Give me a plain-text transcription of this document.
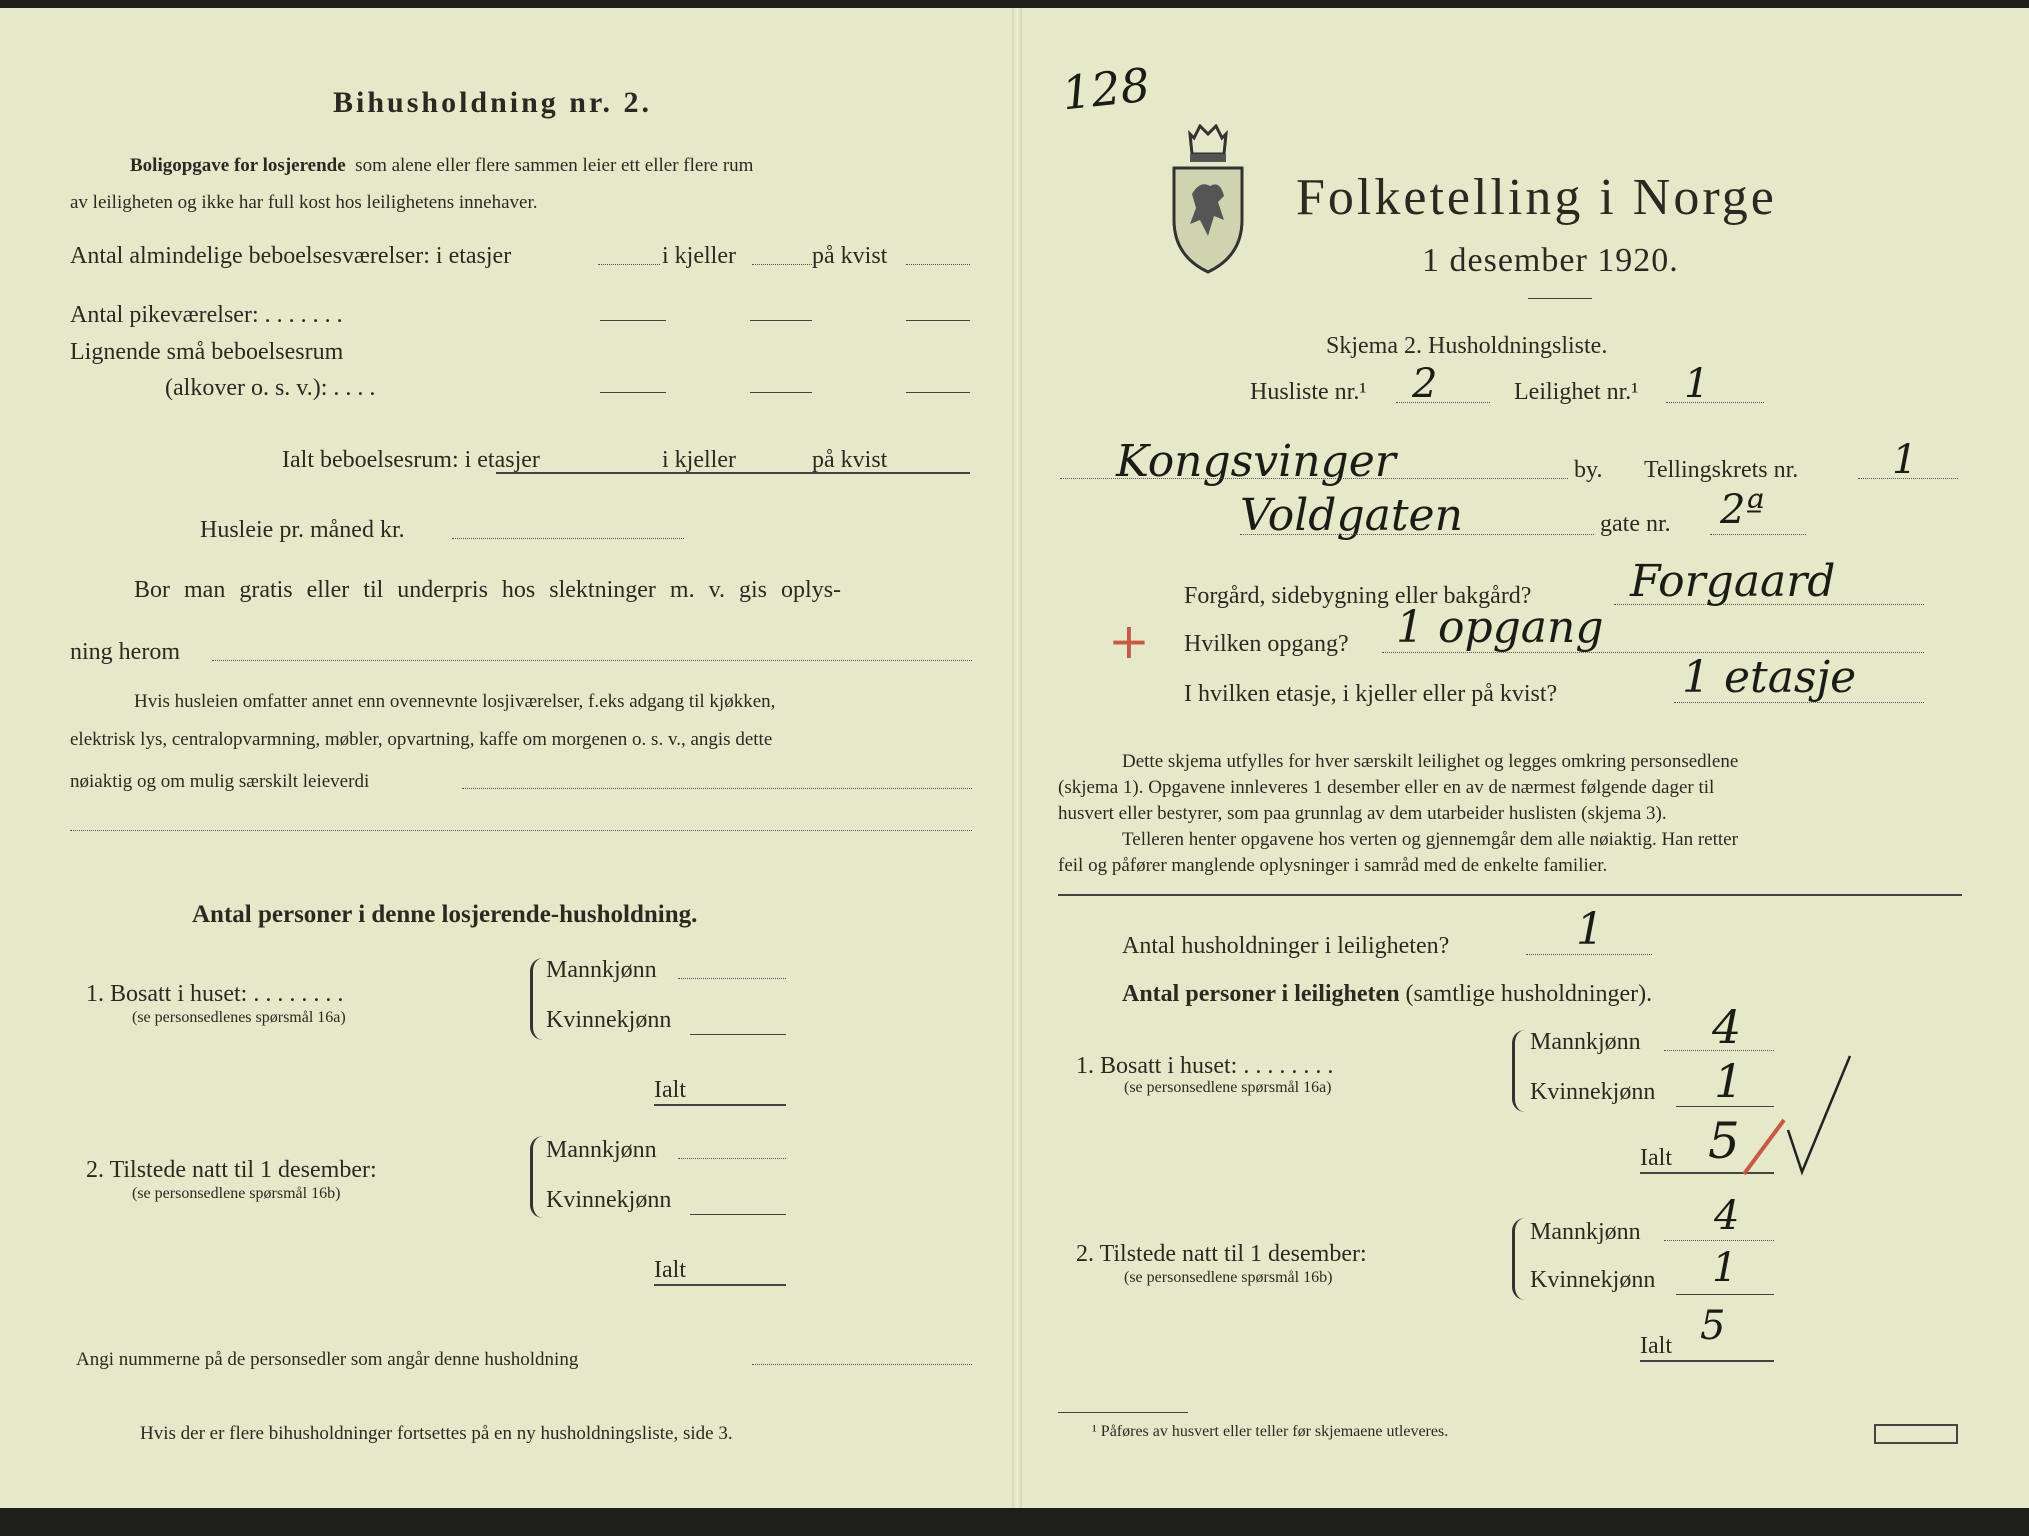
Bihusholdning nr. 2.
Boligopgave for losjerende som alene eller flere sammen leier ett eller flere rum
av leiligheten og ikke har full kost hos leilighetens innehaver.
Antal almindelige beboelsesværelser: i etasjer	i kjeller	på kvist
Antal pikeværelser: . . . . . . .
Lignende små beboelsesrum
(alkover o. s. v.): . . . .
Ialt beboelsesrum: i etasjer	i kjeller	på kvist
Husleie pr. måned kr.
Bor man gratis eller til underpris hos slektninger m. v. gis oplys-
ning herom
Hvis husleien omfatter annet enn ovennevnte losjiværelser, f.eks adgang til kjøkken,
elektrisk lys, centralopvarmning, møbler, opvartning, kaffe om morgenen o. s. v., angis dette
nøiaktig og om mulig særskilt leieverdi
Antal personer i denne losjerende-husholdning.
1. Bosatt i huset: . . . . . . . .
(se personsedlenes spørsmål 16a)
Mannkjønn
Kvinnekjønn
Ialt
2. Tilstede natt til 1 desember:
(se personsedlene spørsmål 16b)
Mannkjønn
Kvinnekjønn
Ialt
Angi nummerne på de personsedler som angår denne husholdning
Hvis der er flere bihusholdninger fortsettes på en ny husholdningsliste, side 3.
128
Folketelling i Norge
1 desember 1920.
Skjema 2. Husholdningsliste.
Husliste nr.¹ 2	Leilighet nr.¹ 1
Kongsvinger	by. Tellingskrets nr. 1
Voldgaten	gate nr. 2ª
Forgård, sidebygning eller bakgård? Forgaard
+ Hvilken opgang? 1 opgang
I hvilken etasje, i kjeller eller på kvist?	1 etasje
Dette skjema utfylles for hver særskilt leilighet og legges omkring personsedlene
(skjema 1). Opgavene innleveres 1 desember eller en av de nærmest følgende dager til
husvert eller bestyrer, som paa grunnlag av dem utarbeider huslisten (skjema 3).
Telleren henter opgavene hos verten og gjennemgår dem alle nøiaktig. Han retter
feil og påfører manglende oplysninger i samråd med de enkelte familier.
Antal husholdninger i leiligheten?	1
Antal personer i leiligheten (samtlige husholdninger).
1. Bosatt i huset: . . . . . . . .
(se personsedlene spørsmål 16a)
Mannkjønn 4
Kvinnekjønn 1
Ialt 5
2. Tilstede natt til 1 desember:
(se personsedlene spørsmål 16b)
Mannkjønn 4
Kvinnekjønn 1
Ialt 5
¹ Påføres av husvert eller teller før skjemaene utleveres.
